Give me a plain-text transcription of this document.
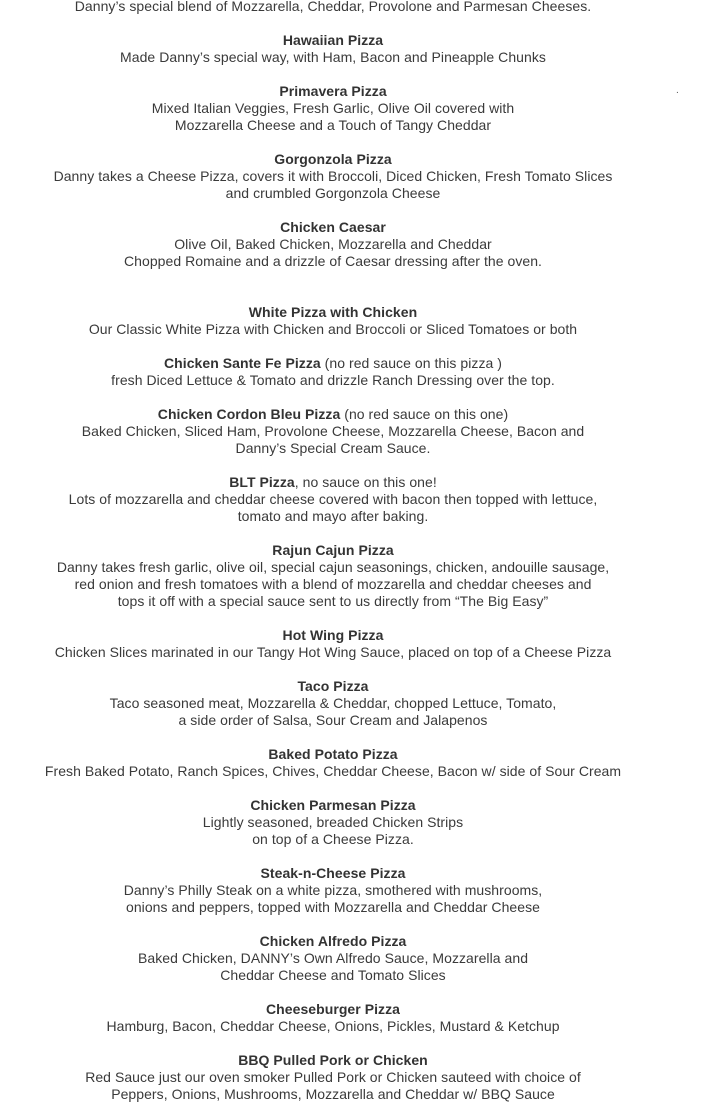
Danny’s special blend of Mozzarella, Cheddar, Provolone and Parmesan Cheeses.
Hawaiian Pizza
Made Danny’s special way, with Ham, Bacon and Pineapple Chunks
Primavera Pizza
Mixed Italian Veggies, Fresh Garlic, Olive Oil covered with
Mozzarella Cheese and a Touch of Tangy Cheddar
Gorgonzola Pizza
Danny takes a Cheese Pizza, covers it with Broccoli, Diced Chicken, Fresh Tomato Slices
and crumbled Gorgonzola Cheese
Chicken Caesar
Olive Oil, Baked Chicken, Mozzarella and Cheddar
Chopped Romaine and a drizzle of Caesar dressing after the oven.
White Pizza with Chicken
Our Classic White Pizza with Chicken and Broccoli or Sliced Tomatoes or both
Chicken Sante Fe Pizza (no red sauce on this pizza )
fresh Diced Lettuce & Tomato and drizzle Ranch Dressing over the top.
Chicken Cordon Bleu Pizza (no red sauce on this one)
Baked Chicken, Sliced Ham, Provolone Cheese, Mozzarella Cheese, Bacon and
Danny’s Special Cream Sauce.
BLT Pizza, no sauce on this one!
Lots of mozzarella and cheddar cheese covered with bacon then topped with lettuce,
tomato and mayo after baking.
Rajun Cajun Pizza
Danny takes fresh garlic, olive oil, special cajun seasonings, chicken, andouille sausage,
red onion and fresh tomatoes with a blend of mozzarella and cheddar cheeses and
tops it off with a special sauce sent to us directly from “The Big Easy”
Hot Wing Pizza
Chicken Slices marinated in our Tangy Hot Wing Sauce, placed on top of a Cheese Pizza
Taco Pizza
Taco seasoned meat, Mozzarella & Cheddar, chopped Lettuce, Tomato,
a side order of Salsa, Sour Cream and Jalapenos
Baked Potato Pizza
Fresh Baked Potato, Ranch Spices, Chives, Cheddar Cheese, Bacon w/ side of Sour Cream
Chicken Parmesan Pizza
Lightly seasoned, breaded Chicken Strips
on top of a Cheese Pizza.
Steak-n-Cheese Pizza
Danny’s Philly Steak on a white pizza, smothered with mushrooms,
onions and peppers, topped with Mozzarella and Cheddar Cheese
Chicken Alfredo Pizza
Baked Chicken, DANNY’s Own Alfredo Sauce, Mozzarella and
Cheddar Cheese and Tomato Slices
Cheeseburger Pizza
Hamburg, Bacon, Cheddar Cheese, Onions, Pickles, Mustard & Ketchup
BBQ Pulled Pork or Chicken
Red Sauce just our oven smoker Pulled Pork or Chicken sauteed with choice of
Peppers, Onions, Mushrooms, Mozzarella and Cheddar w/ BBQ Sauce
.
